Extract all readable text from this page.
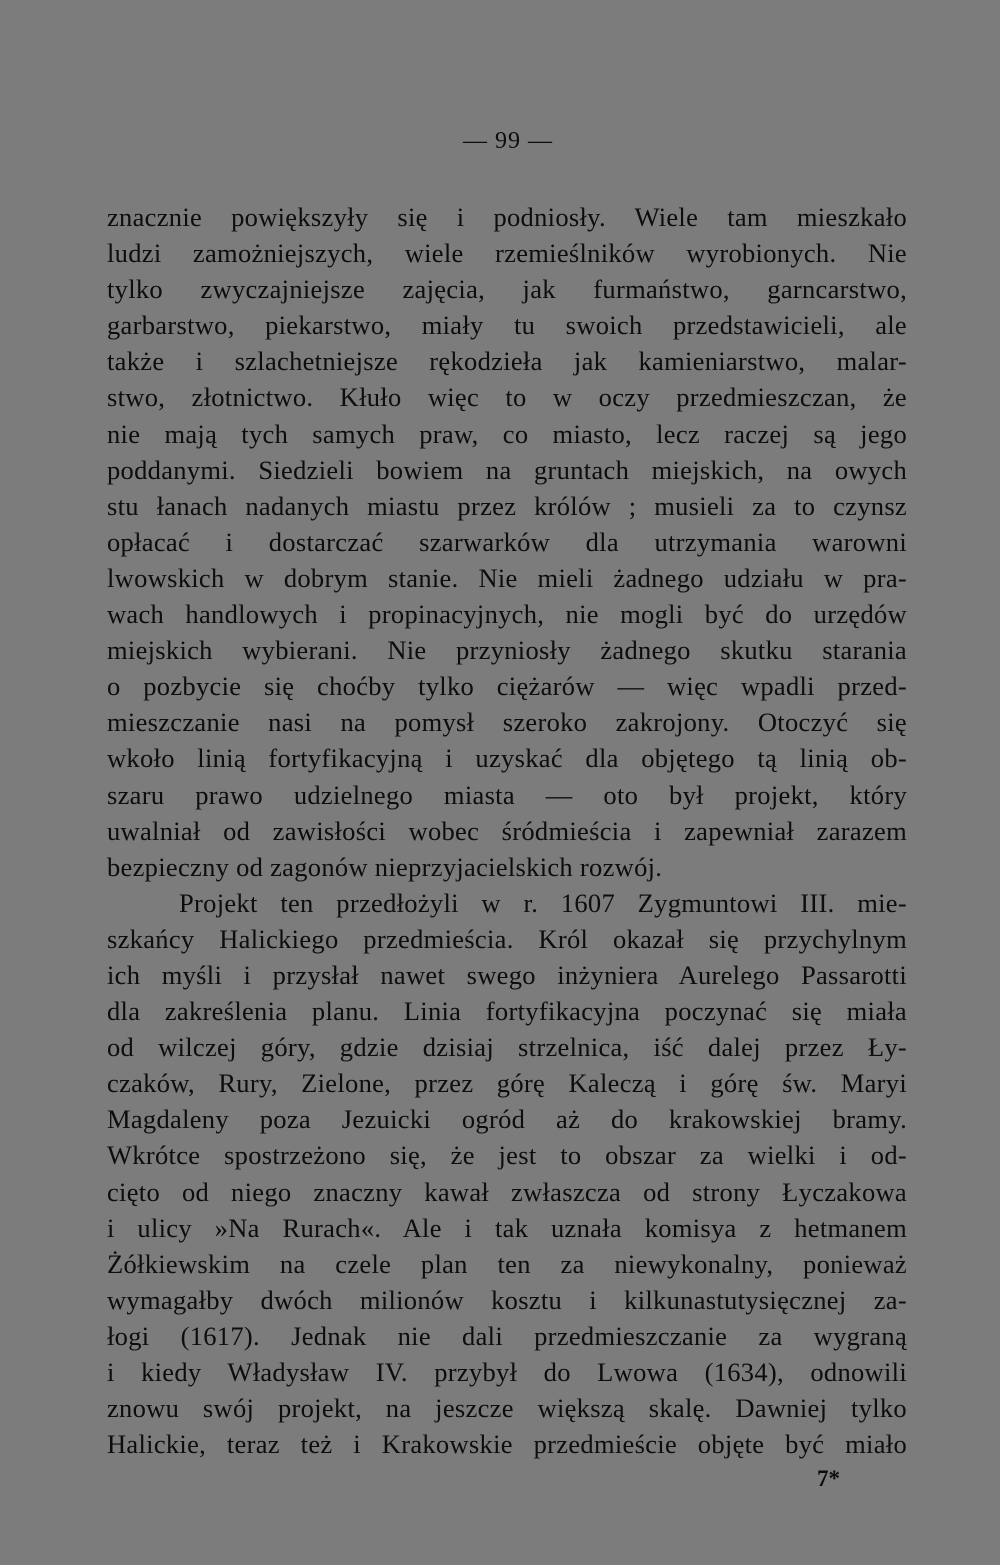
— 99 —
znacznie powiększyły się i podniosły. Wiele tam mieszkało
ludzi zamożniejszych, wiele rzemieślników wyrobionych. Nie
tylko zwyczajniejsze zajęcia, jak furmaństwo, garncarstwo,
garbarstwo, piekarstwo, miały tu swoich przedstawicieli, ale
także i szlachetniejsze rękodzieła jak kamieniarstwo, malar-
stwo, złotnictwo. Kłuło więc to w oczy przedmieszczan, że
nie mają tych samych praw, co miasto, lecz raczej są jego
poddanymi. Siedzieli bowiem na gruntach miejskich, na owych
stu łanach nadanych miastu przez królów ; musieli za to czynsz
opłacać i dostarczać szarwarków dla utrzymania warowni
lwowskich w dobrym stanie. Nie mieli żadnego udziału w pra-
wach handlowych i propinacyjnych, nie mogli być do urzędów
miejskich wybierani. Nie przyniosły żadnego skutku starania
o pozbycie się choćby tylko ciężarów — więc wpadli przed-
mieszczanie nasi na pomysł szeroko zakrojony. Otoczyć się
wkoło linią fortyfikacyjną i uzyskać dla objętego tą linią ob-
szaru prawo udzielnego miasta — oto był projekt, który
uwalniał od zawisłości wobec śródmieścia i zapewniał zarazem
bezpieczny od zagonów nieprzyjacielskich rozwój.
Projekt ten przedłożyli w r. 1607 Zygmuntowi III. mie-
szkańcy Halickiego przedmieścia. Król okazał się przychylnym
ich myśli i przysłał nawet swego inżyniera Aurelego Passarotti
dla zakreślenia planu. Linia fortyfikacyjna poczynać się miała
od wilczej góry, gdzie dzisiaj strzelnica, iść dalej przez Ły-
czaków, Rury, Zielone, przez górę Kaleczą i górę św. Maryi
Magdaleny poza Jezuicki ogród aż do krakowskiej bramy.
Wkrótce spostrzeżono się, że jest to obszar za wielki i od-
cięto od niego znaczny kawał zwłaszcza od strony Łyczakowa
i ulicy »Na Rurach«. Ale i tak uznała komisya z hetmanem
Żółkiewskim na czele plan ten za niewykonalny, ponieważ
wymagałby dwóch milionów kosztu i kilkunastutysięcznej za-
łogi (1617). Jednak nie dali przedmieszczanie za wygraną
i kiedy Władysław IV. przybył do Lwowa (1634), odnowili
znowu swój projekt, na jeszcze większą skalę. Dawniej tylko
Halickie, teraz też i Krakowskie przedmieście objęte być miało
7*
